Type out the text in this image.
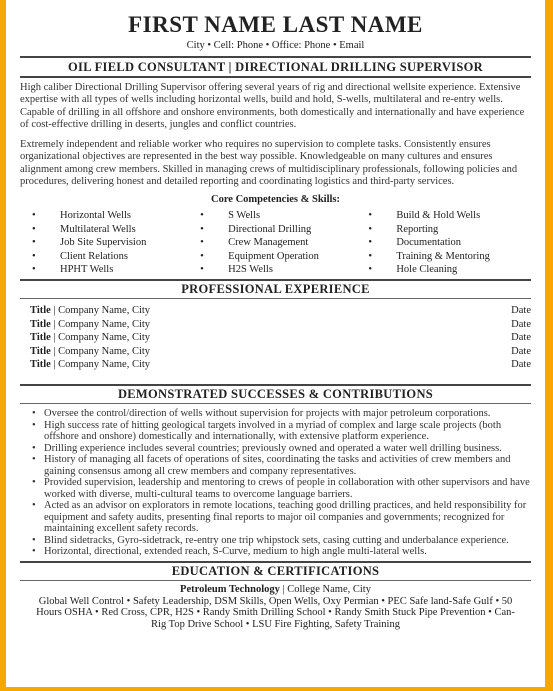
FIRST NAME LAST NAME
City • Cell: Phone • Office: Phone • Email
OIL FIELD CONSULTANT | DIRECTIONAL DRILLING SUPERVISOR

High caliber Directional Drilling Supervisor offering several years of rig and directional wellsite experience. Extensive expertise with all types of wells including horizontal wells, build and hold, S-wells, multilateral and re-entry wells. Capable of drilling in all offshore and onshore environments, both domestically and internationally and have experience of cost-effective drilling in deserts, jungles and conflict countries.

Extremely independent and reliable worker who requires no supervision to complete tasks. Consistently ensures organizational objectives are represented in the best way possible. Knowledgeable on many cultures and ensures alignment among crew members. Skilled in managing crews of multidisciplinary professionals, following policies and procedures, delivering honest and detailed reporting and coordinating logistics and third-party services.

Core Competencies & Skills:
• Horizontal Wells
• Multilateral Wells
• Job Site Supervision
• Client Relations
• HPHT Wells
• S Wells
• Directional Drilling
• Crew Management
• Equipment Operation
• H2S Wells
• Build & Hold Wells
• Reporting
• Documentation
• Training & Mentoring
• Hole Cleaning
PROFESSIONAL EXPERIENCE
Title | Company Name, City	Date
Title | Company Name, City	Date
Title | Company Name, City	Date
Title | Company Name, City	Date
Title | Company Name, City	Date
DEMONSTRATED SUCCESSES & CONTRIBUTIONS
• Oversee the control/direction of wells without supervision for projects with major petroleum corporations.
• High success rate of hitting geological targets involved in a myriad of complex and large scale projects (both offshore and onshore) domestically and internationally, with extensive platform experience.
• Drilling experience includes several countries; previously owned and operated a water well drilling business.
• History of managing all facets of operations of sites, coordinating the tasks and activities of crew members and gaining consensus among all crew members and company representatives.
• Provided supervision, leadership and mentoring to crews of people in collaboration with other supervisors and have worked with diverse, multi-cultural teams to overcome language barriers.
• Acted as an advisor on explorators in remote locations, teaching good drilling practices, and held responsibility for equipment and safety audits, presenting final reports to major oil companies and governments; recognized for maintaining excellent safety records.
• Blind sidetracks, Gyro-sidetrack, re-entry one trip whipstock sets, casing cutting and underbalance experience.
• Horizontal, directional, extended reach, S-Curve, medium to high angle multi-lateral wells.
EDUCATION & CERTIFICATIONS
Petroleum Technology | College Name, City
Global Well Control • Safety Leadership, DSM Skills, Open Wells, Oxy Permian • PEC Safe land-Safe Gulf • 50
Hours OSHA • Red Cross, CPR, H2S • Randy Smith Drilling School • Randy Smith Stuck Pipe Prevention • Can-
Rig Top Drive School • LSU Fire Fighting, Safety Training
